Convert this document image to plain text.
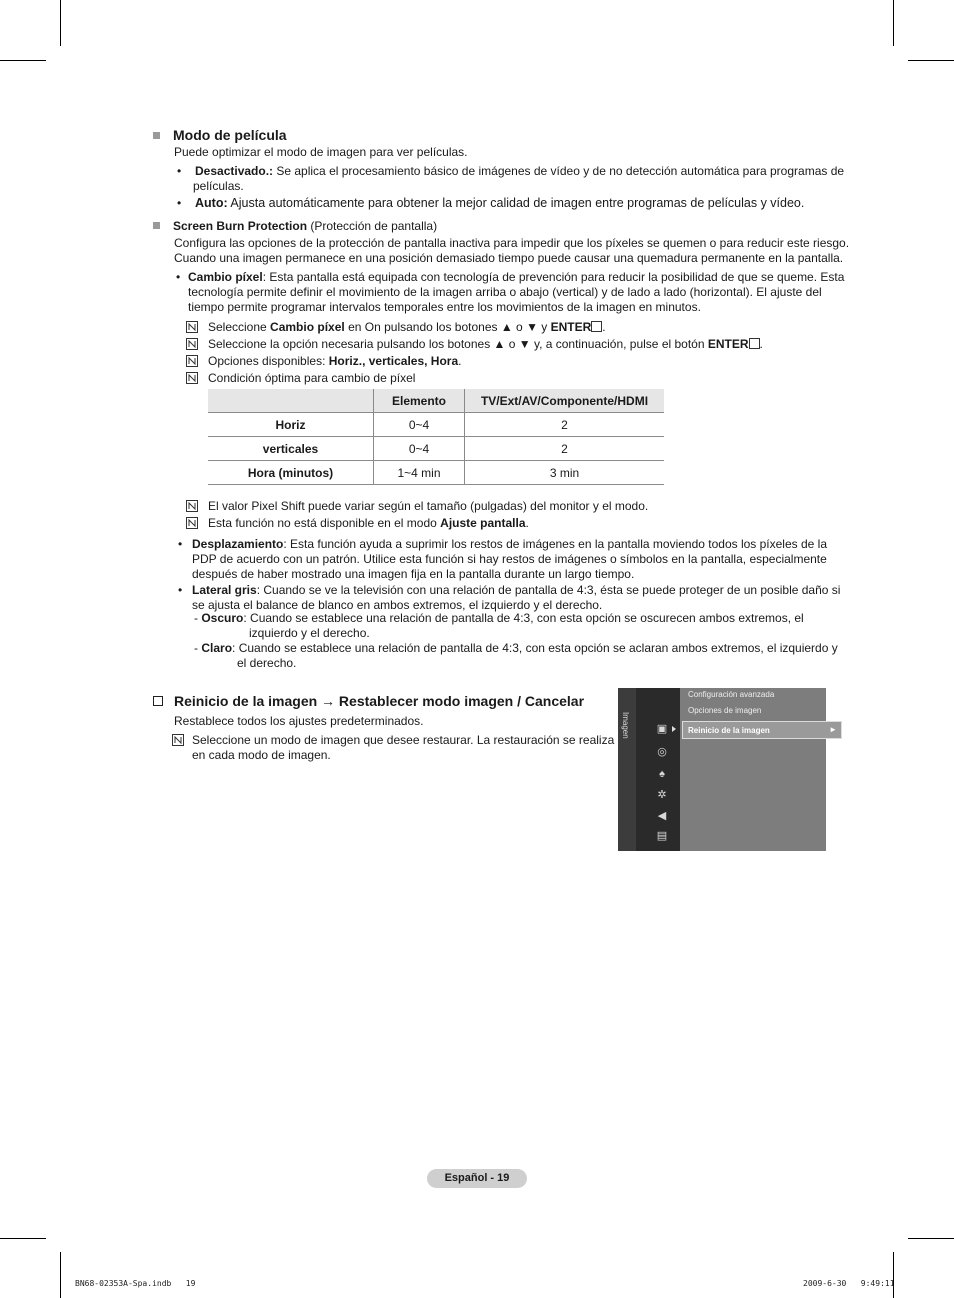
Modo de película
Puede optimizar el modo de imagen para ver películas.
• Desactivado.: Se aplica el procesamiento básico de imágenes de vídeo y de no detección automática para programas de
películas.
• Auto: Ajusta automáticamente para obtener la mejor calidad de imagen entre programas de películas y vídeo.
Screen Burn Protection (Protección de pantalla)
Configura las opciones de la protección de pantalla inactiva para impedir que los píxeles se quemen o para reducir este riesgo.
Cuando una imagen permanece en una posición demasiado tiempo puede causar una quemadura permanente en la pantalla.
• Cambio píxel: Esta pantalla está equipada con tecnología de prevención para reducir la posibilidad de que se queme. Esta
tecnología permite definir el movimiento de la imagen arriba o abajo (vertical) y de lado a lado (horizontal). El ajuste del
tiempo permite programar intervalos temporales entre los movimientos de la imagen en minutos.
Seleccione Cambio píxel en On pulsando los botones ▲ o ▼ y ENTER .
Seleccione la opción necesaria pulsando los botones ▲ o ▼ y, a continuación, pulse el botón ENTER .
Opciones disponibles: Horiz., verticales, Hora.
Condición óptima para cambio de píxel
	Elemento	TV/Ext/AV/Componente/HDMI
Horiz	0~4	2
verticales	0~4	2
Hora (minutos)	1~4 min	3 min
El valor Pixel Shift puede variar según el tamaño (pulgadas) del monitor y el modo.
Esta función no está disponible en el modo Ajuste pantalla.
• Desplazamiento: Esta función ayuda a suprimir los restos de imágenes en la pantalla moviendo todos los píxeles de la
PDP de acuerdo con un patrón. Utilice esta función si hay restos de imágenes o símbolos en la pantalla, especialmente
después de haber mostrado una imagen fija en la pantalla durante un largo tiempo.
• Lateral gris: Cuando se ve la televisión con una relación de pantalla de 4:3, ésta se puede proteger de un posible daño si
se ajusta el balance de blanco en ambos extremos, el izquierdo y el derecho.
- Oscuro: Cuando se establece una relación de pantalla de 4:3, con esta opción se oscurecen ambos extremos, el
izquierdo y el derecho.
- Claro: Cuando se establece una relación de pantalla de 4:3, con esta opción se aclaran ambos extremos, el izquierdo y
el derecho.
Reinicio de la imagen → Restablecer modo imagen / Cancelar
Restablece todos los ajustes predeterminados.
Seleccione un modo de imagen que desee restaurar. La restauración se realiza
en cada modo de imagen.
Imagen ▣
◎
♠
✲
◀
▤
Configuración avanzada
Opciones de imagen
Reinicio de la imagen	►
Español - 19
BN68-02353A-Spa.indb   19	2009-6-30   9:49:11
